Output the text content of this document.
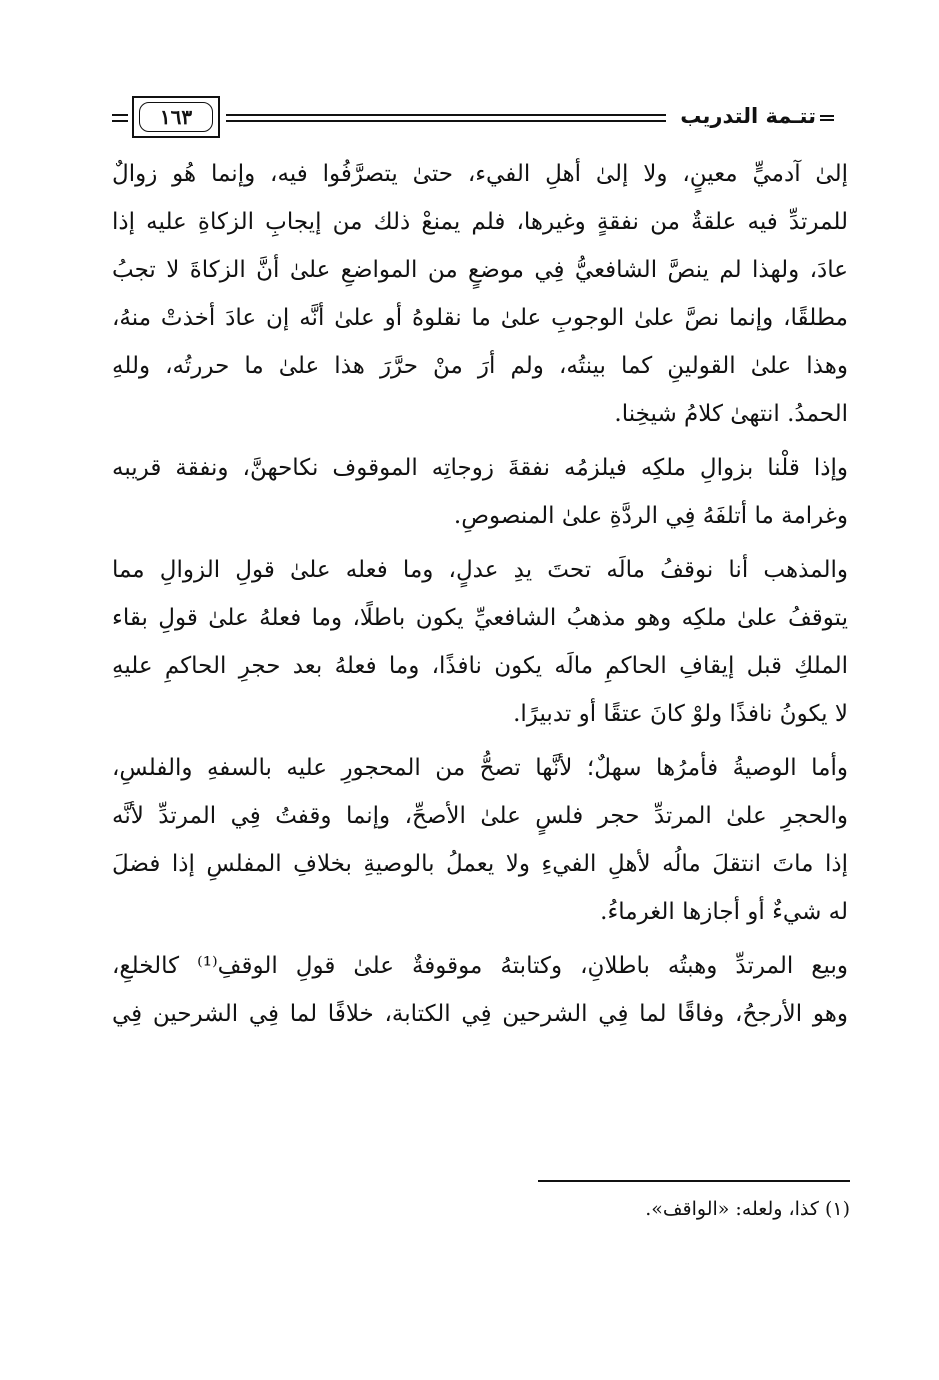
تتـمة التدريب
١٦٣
إلىٰ آدميٍّ معينٍ، ولا إلىٰ أهلِ الفيء، حتىٰ يتصرَّفُوا فيه، وإنما هُو زوالٌ
للمرتدِّ فيه علقةٌ من نفقةٍ وغيرها، فلم يمنعْ ذلك من إيجابِ الزكاةِ عليه إذا
عادَ، ولهذا لم ينصَّ الشافعيُّ فِي موضعٍ من المواضعِ علىٰ أنَّ الزكاةَ لا تجبُ
مطلقًا، وإنما نصَّ علىٰ الوجوبِ علىٰ ما نقلوهُ أو علىٰ أنَّه إن عادَ أخذتْ منهُ،
وهذا علىٰ القولينِ كما بينتُه، ولم أرَ منْ حرَّرَ هذا علىٰ ما حررتُه، وللهِ
الحمدُ. انتهىٰ كلامُ شيخِنا.
وإذا قلْنا بزوالِ ملكِه فيلزمُه نفقةَ زوجاتِه الموقوف نكاحهنَّ، ونفقة قريبه
وغرامة ما أتلفَهُ فِي الردَّةِ علىٰ المنصوصِ.
والمذهب أنا نوقفُ مالَه تحتَ يدِ عدلٍ، وما فعله علىٰ قولِ الزوالِ مما
يتوقفُ علىٰ ملكِه وهو مذهبُ الشافعيِّ يكون باطلًا، وما فعلهُ علىٰ قولِ بقاء
الملكِ قبل إيقافِ الحاكمِ مالَه يكون نافذًا، وما فعلهُ بعد حجرِ الحاكمِ عليهِ
لا يكونُ نافذًا ولوْ كانَ عتقًا أو تدبيرًا.
وأما الوصيةُ فأمرُها سهلٌ؛ لأنَّها تصحُّ من المحجورِ عليه بالسفهِ والفلسِ،
والحجرِ علىٰ المرتدِّ حجر فلسٍ علىٰ الأصحِّ، وإنما وقفتُ فِي المرتدِّ لأنَّه
إذا ماتَ انتقلَ مالُه لأهلِ الفيءِ ولا يعملُ بالوصيةِ بخلافِ المفلسِ إذا فضلَ
له شيءٌ أو أجازها الغرماءُ.
وبيع المرتدِّ وهبتُه باطلانِ، وكتابتهُ موقوفةٌ علىٰ قولِ الوقفِ⁽¹⁾ كالخلعِ،
وهو الأرجحُ، وفاقًا لما فِي الشرحين فِي الكتابة، خلافًا لما فِي الشرحين فِي
(١) كذا، ولعله: «الواقف».
